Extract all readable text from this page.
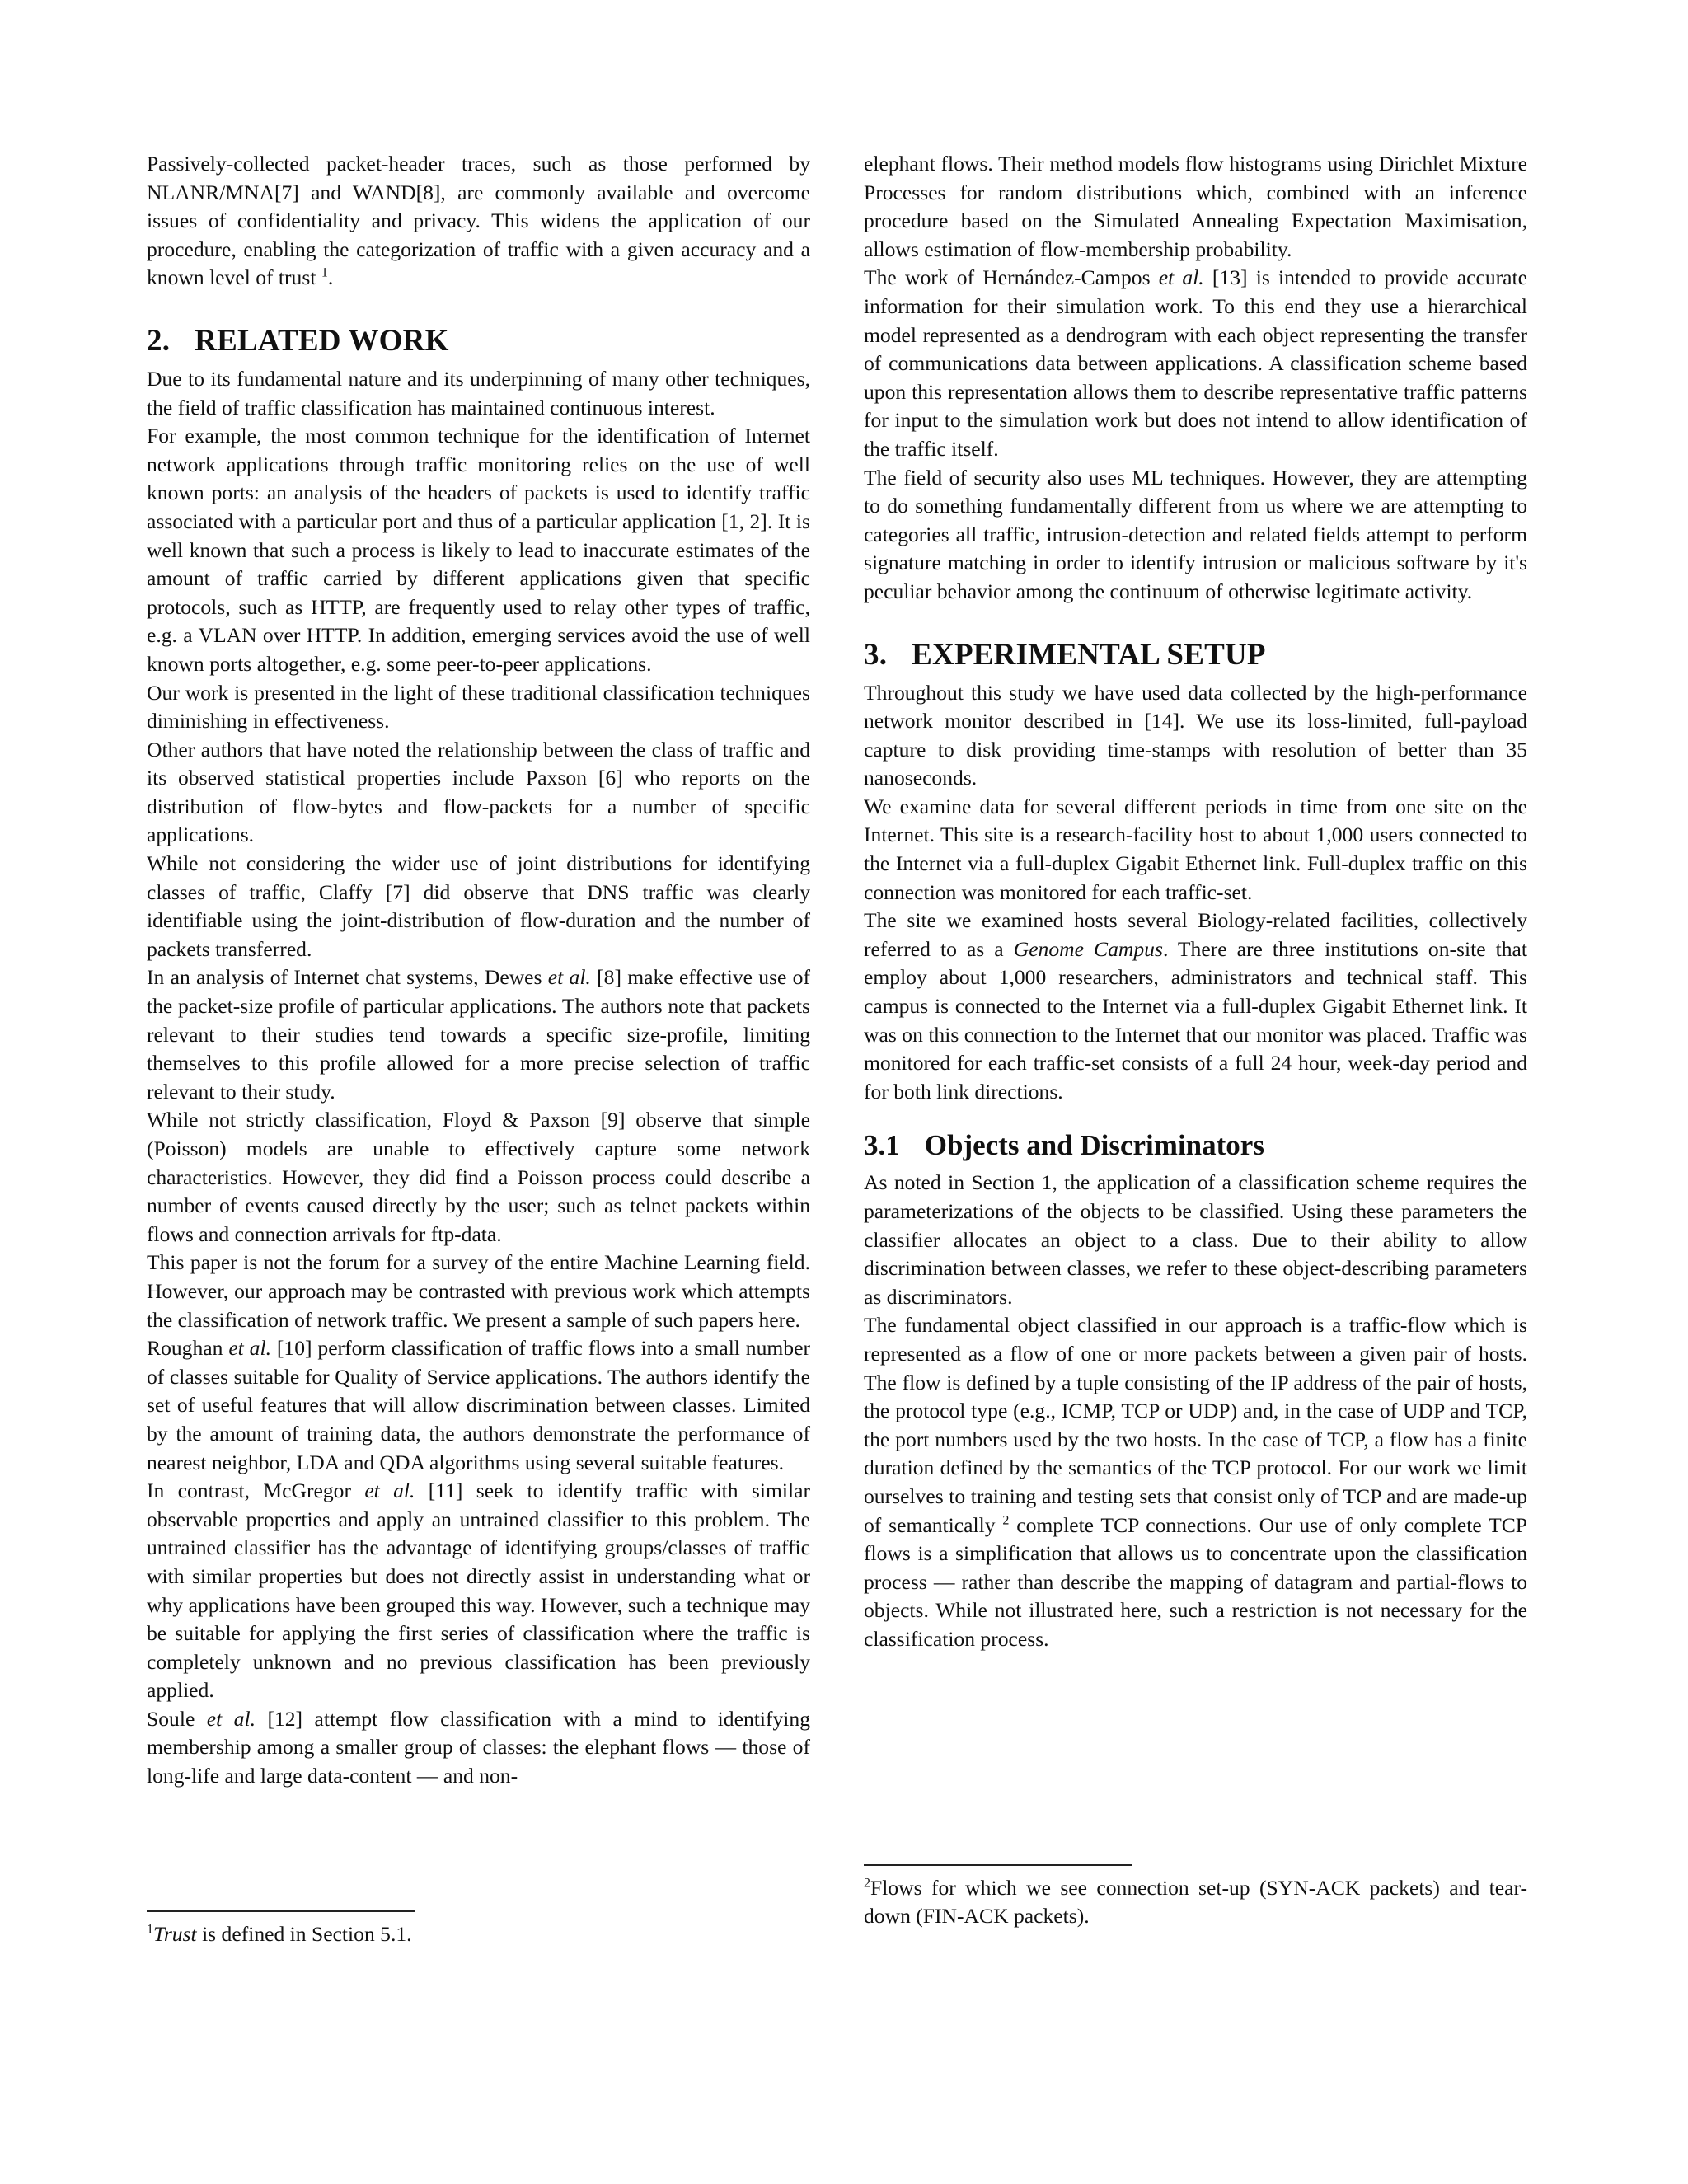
Passively-collected packet-header traces, such as those performed by NLANR/MNA[7] and WAND[8], are commonly available and overcome issues of confidentiality and privacy. This widens the application of our procedure, enabling the categorization of traffic with a given accuracy and a known level of trust $^1$.

2. RELATED WORK

Due to its fundamental nature and its underpinning of many other techniques, the field of traffic classification has maintained continuous interest.

For example, the most common technique for the identification of Internet network applications through traffic monitoring relies on the use of well known ports: an analysis of the headers of packets is used to identify traffic associated with a particular port and thus of a particular application [1, 2]. It is well known that such a process is likely to lead to inaccurate estimates of the amount of traffic carried by different applications given that specific protocols, such as HTTP, are frequently used to relay other types of traffic, e.g. a VLAN over HTTP. In addition, emerging services avoid the use of well known ports altogether, e.g. some peer-to-peer applications.

Our work is presented in the light of these traditional classification techniques diminishing in effectiveness.

Other authors that have noted the relationship between the class of traffic and its observed statistical properties include Paxson [6] who reports on the distribution of flow-bytes and flow-packets for a number of specific applications.

While not considering the wider use of joint distributions for identifying classes of traffic, Claffy [7] did observe that DNS traffic was clearly identifiable using the joint-distribution of flow-duration and the number of packets transferred.

In an analysis of Internet chat systems, Dewes et al. [8] make effective use of the packet-size profile of particular applications. The authors note that packets relevant to their studies tend towards a specific size-profile, limiting themselves to this profile allowed for a more precise selection of traffic relevant to their study.

While not strictly classification, Floyd & Paxson [9] observe that simple (Poisson) models are unable to effectively capture some network characteristics. However, they did find a Poisson process could describe a number of events caused directly by the user; such as telnet packets within flows and connection arrivals for ftp-data.

This paper is not the forum for a survey of the entire Machine Learning field. However, our approach may be contrasted with previous work which attempts the classification of network traffic. We present a sample of such papers here.

Roughan et al. [10] perform classification of traffic flows into a small number of classes suitable for Quality of Service applications. The authors identify the set of useful features that will allow discrimination between classes. Limited by the amount of training data, the authors demonstrate the performance of nearest neighbor, LDA and QDA algorithms using several suitable features.

In contrast, McGregor et al. [11] seek to identify traffic with similar observable properties and apply an untrained classifier to this problem. The untrained classifier has the advantage of identifying groups/classes of traffic with similar properties but does not directly assist in understanding what or why applications have been grouped this way. However, such a technique may be suitable for applying the first series of classification where the traffic is completely unknown and no previous classification has been previously applied.

Soule et al. [12] attempt flow classification with a mind to identifying membership among a smaller group of classes: the elephant flows — those of long-life and large data-content — and non-

$^1$Trust is defined in Section 5.1.

elephant flows. Their method models flow histograms using Dirichlet Mixture Processes for random distributions which, combined with an inference procedure based on the Simulated Annealing Expectation Maximisation, allows estimation of flow-membership probability.

The work of Hernández-Campos et al. [13] is intended to provide accurate information for their simulation work. To this end they use a hierarchical model represented as a dendrogram with each object representing the transfer of communications data between applications. A classification scheme based upon this representation allows them to describe representative traffic patterns for input to the simulation work but does not intend to allow identification of the traffic itself.

The field of security also uses ML techniques. However, they are attempting to do something fundamentally different from us where we are attempting to categories all traffic, intrusion-detection and related fields attempt to perform signature matching in order to identify intrusion or malicious software by it's peculiar behavior among the continuum of otherwise legitimate activity.

3. EXPERIMENTAL SETUP

Throughout this study we have used data collected by the high-performance network monitor described in [14]. We use its loss-limited, full-payload capture to disk providing time-stamps with resolution of better than 35 nanoseconds.

We examine data for several different periods in time from one site on the Internet. This site is a research-facility host to about 1,000 users connected to the Internet via a full-duplex Gigabit Ethernet link. Full-duplex traffic on this connection was monitored for each traffic-set.

The site we examined hosts several Biology-related facilities, collectively referred to as a Genome Campus. There are three institutions on-site that employ about 1,000 researchers, administrators and technical staff. This campus is connected to the Internet via a full-duplex Gigabit Ethernet link. It was on this connection to the Internet that our monitor was placed. Traffic was monitored for each traffic-set consists of a full 24 hour, week-day period and for both link directions.

3.1 Objects and Discriminators

As noted in Section 1, the application of a classification scheme requires the parameterizations of the objects to be classified. Using these parameters the classifier allocates an object to a class. Due to their ability to allow discrimination between classes, we refer to these object-describing parameters as discriminators.

The fundamental object classified in our approach is a traffic-flow which is represented as a flow of one or more packets between a given pair of hosts. The flow is defined by a tuple consisting of the IP address of the pair of hosts, the protocol type (e.g., ICMP, TCP or UDP) and, in the case of UDP and TCP, the port numbers used by the two hosts. In the case of TCP, a flow has a finite duration defined by the semantics of the TCP protocol. For our work we limit ourselves to training and testing sets that consist only of TCP and are made-up of semantically $^2$ complete TCP connections. Our use of only complete TCP flows is a simplification that allows us to concentrate upon the classification process — rather than describe the mapping of datagram and partial-flows to objects. While not illustrated here, such a restriction is not necessary for the classification process.

$^2$Flows for which we see connection set-up (SYN-ACK packets) and tear-down (FIN-ACK packets).
